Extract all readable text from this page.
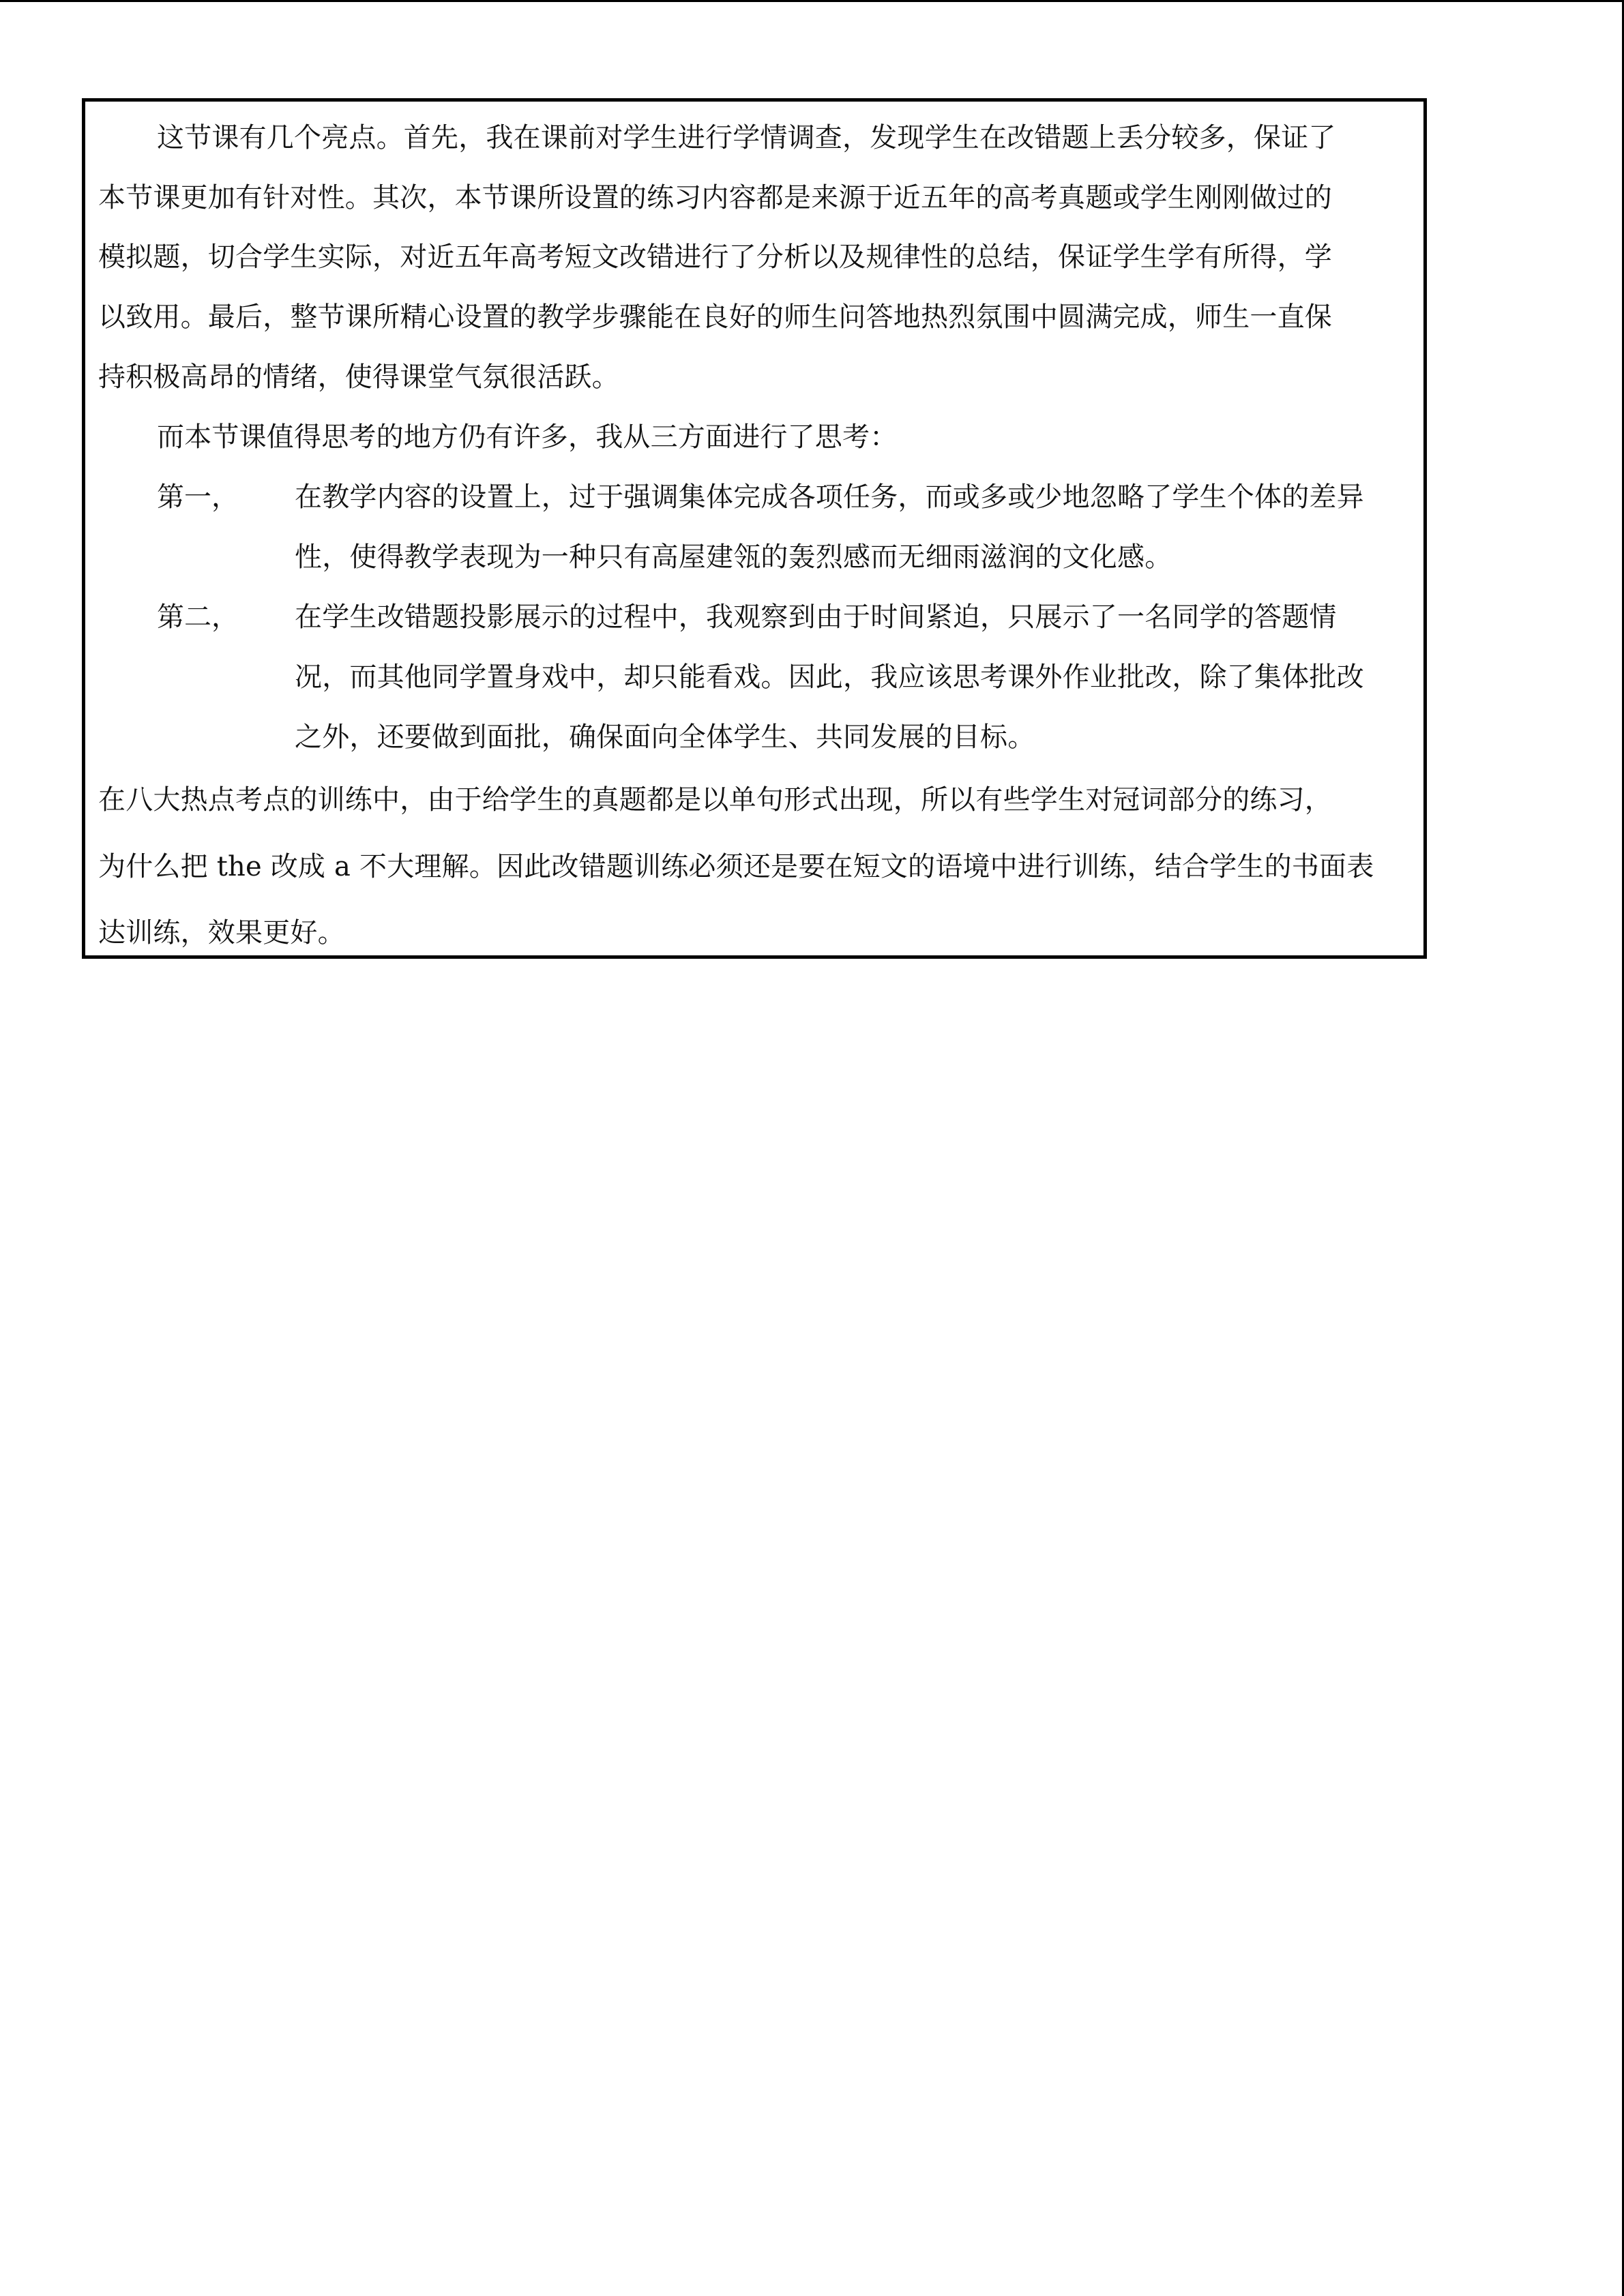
这节课有几个亮点。首先，我在课前对学生进行学情调查，发现学生在改错题上丢分较多，保证了
本节课更加有针对性。其次，本节课所设置的练习内容都是来源于近五年的高考真题或学生刚刚做过的
模拟题，切合学生实际，对近五年高考短文改错进行了分析以及规律性的总结，保证学生学有所得，学
以致用。最后，整节课所精心设置的教学步骤能在良好的师生问答地热烈氛围中圆满完成，师生一直保
持积极高昂的情绪，使得课堂气氛很活跃。
而本节课值得思考的地方仍有许多，我从三方面进行了思考：
第一， 在教学内容的设置上，过于强调集体完成各项任务，而或多或少地忽略了学生个体的差异
性，使得教学表现为一种只有高屋建瓴的轰烈感而无细雨滋润的文化感。
第二， 在学生改错题投影展示的过程中，我观察到由于时间紧迫，只展示了一名同学的答题情
况，而其他同学置身戏中，却只能看戏。因此，我应该思考课外作业批改，除了集体批改
之外，还要做到面批，确保面向全体学生、共同发展的目标。
在八大热点考点的训练中，由于给学生的真题都是以单句形式出现，所以有些学生对冠词部分的练习，
为什么把 the 改成 a 不大理解。因此改错题训练必须还是要在短文的语境中进行训练，结合学生的书面表
达训练，效果更好。
